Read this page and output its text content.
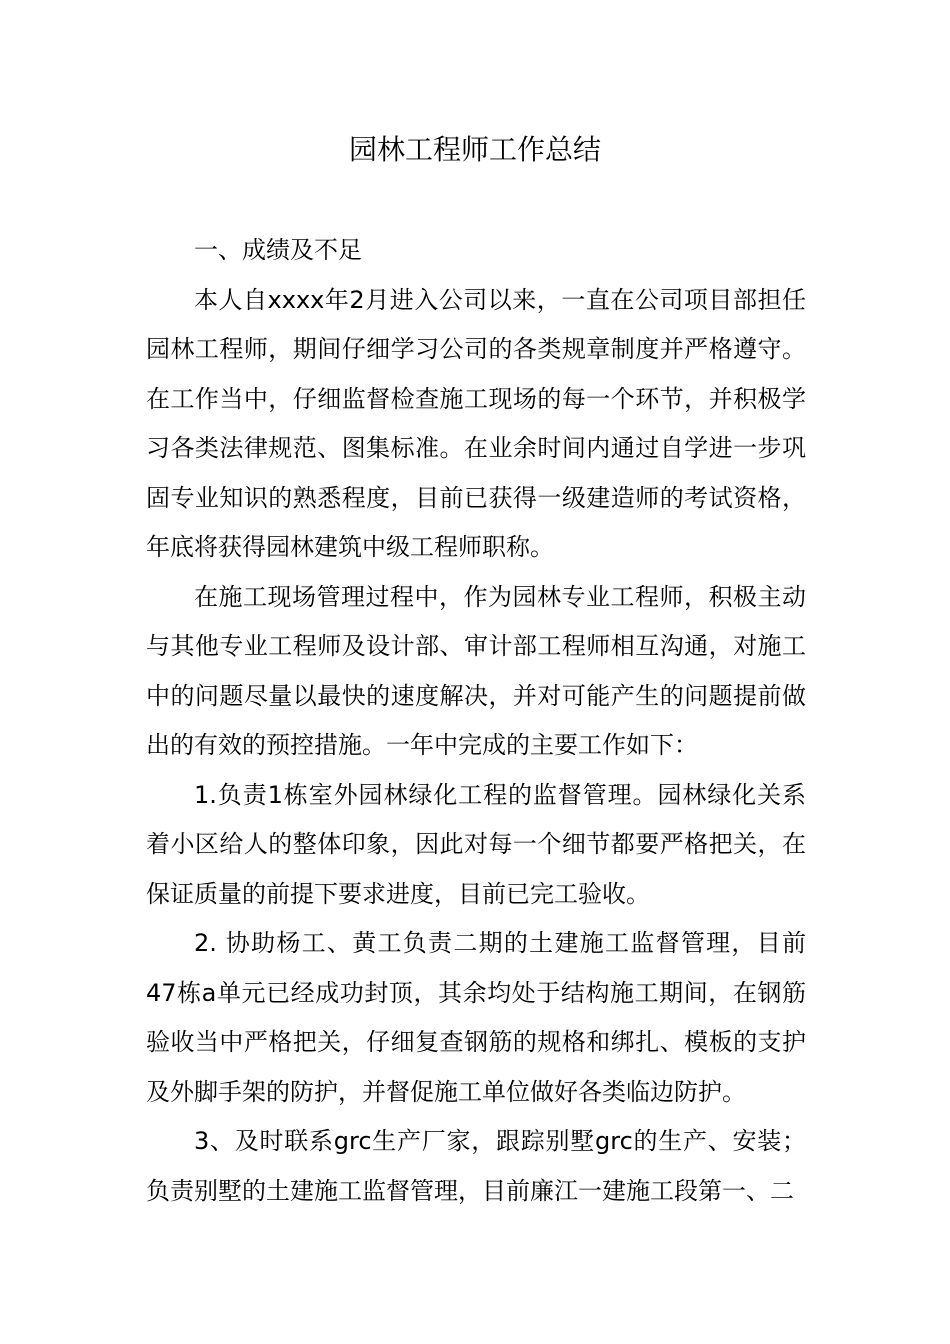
园林工程师工作总结

一、成绩及不足

本人自xxxx年2月进入公司以来，一直在公司项目部担任园林工程师，期间仔细学习公司的各类规章制度并严格遵守。在工作当中，仔细监督检查施工现场的每一个环节，并积极学习各类法律规范、图集标准。在业余时间内通过自学进一步巩固专业知识的熟悉程度，目前已获得一级建造师的考试资格，年底将获得园林建筑中级工程师职称。

在施工现场管理过程中，作为园林专业工程师，积极主动与其他专业工程师及设计部、审计部工程师相互沟通，对施工中的问题尽量以最快的速度解决，并对可能产生的问题提前做出的有效的预控措施。一年中完成的主要工作如下：

1.负责1栋室外园林绿化工程的监督管理。园林绿化关系着小区给人的整体印象，因此对每一个细节都要严格把关，在保证质量的前提下要求进度，目前已完工验收。

2. 协助杨工、黄工负责二期的土建施工监督管理，目前47栋a单元已经成功封顶，其余均处于结构施工期间，在钢筋验收当中严格把关，仔细复查钢筋的规格和绑扎、模板的支护及外脚手架的防护，并督促施工单位做好各类临边防护。

3、及时联系grc生产厂家，跟踪别墅grc的生产、安装；负责别墅的土建施工监督管理，目前廉江一建施工段第一、二
